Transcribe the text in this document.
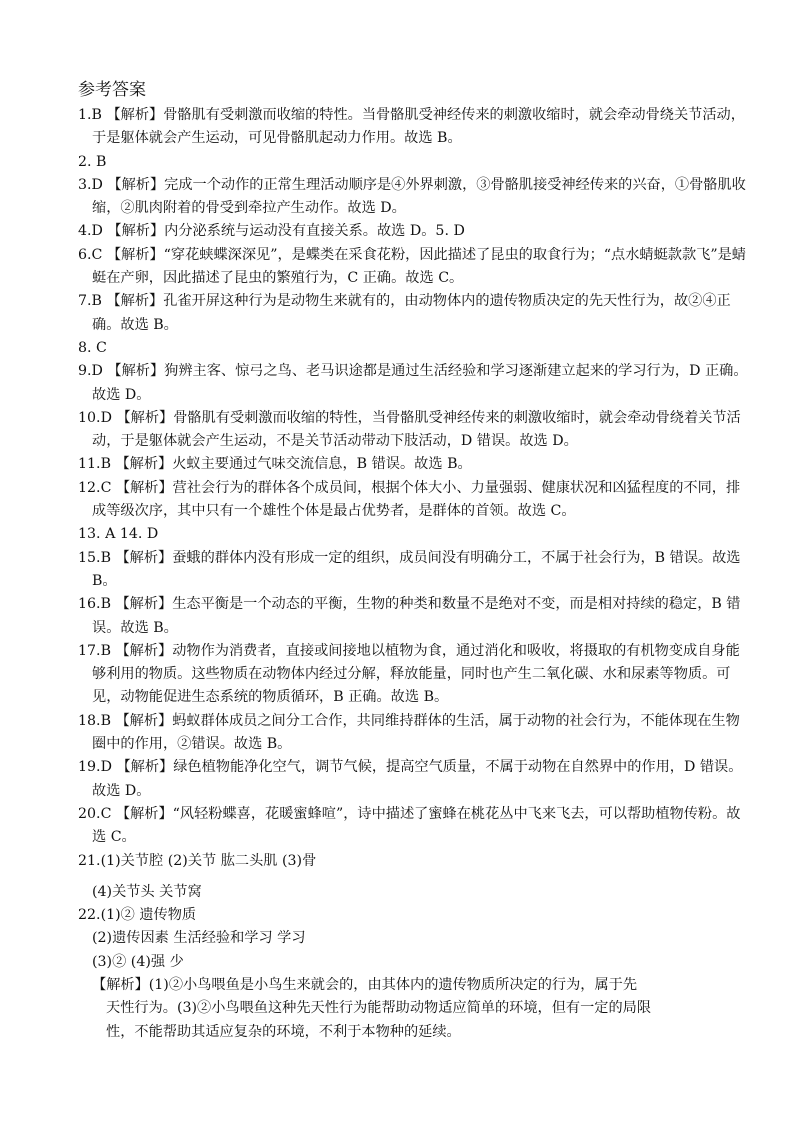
参考答案

1.B 【解析】骨骼肌有受刺激而收缩的特性。当骨骼肌受神经传来的刺激收缩时，就会牵动骨绕关节活动，于是躯体就会产生运动，可见骨骼肌起动力作用。故选 B。

2. B

3.D 【解析】完成一个动作的正常生理活动顺序是④外界刺激，③骨骼肌接受神经传来的兴奋，①骨骼肌收缩，②肌肉附着的骨受到牵拉产生动作。故选 D。

4.D 【解析】内分泌系统与运动没有直接关系。故选 D。5. D

6.C 【解析】“穿花蛱蝶深深见”，是蝶类在采食花粉，因此描述了昆虫的取食行为；“点水蜻蜓款款飞”是蜻蜓在产卵，因此描述了昆虫的繁殖行为，C 正确。故选 C。

7.B 【解析】孔雀开屏这种行为是动物生来就有的，由动物体内的遗传物质决定的先天性行为，故②④正确。故选 B。

8. C

9.D 【解析】狗辨主客、惊弓之鸟、老马识途都是通过生活经验和学习逐渐建立起来的学习行为，D 正确。故选 D。

10.D 【解析】骨骼肌有受刺激而收缩的特性，当骨骼肌受神经传来的刺激收缩时，就会牵动骨绕着关节活动，于是躯体就会产生运动，不是关节活动带动下肢活动，D 错误。故选 D。

11.B 【解析】火蚁主要通过气味交流信息，B 错误。故选 B。

12.C 【解析】营社会行为的群体各个成员间，根据个体大小、力量强弱、健康状况和凶猛程度的不同，排成等级次序，其中只有一个雄性个体是最占优势者，是群体的首领。故选 C。

13. A 14. D

15.B 【解析】蚕蛾的群体内没有形成一定的组织，成员间没有明确分工，不属于社会行为，B 错误。故选 B。

16.B 【解析】生态平衡是一个动态的平衡，生物的种类和数量不是绝对不变，而是相对持续的稳定，B 错误。故选 B。

17.B 【解析】动物作为消费者，直接或间接地以植物为食，通过消化和吸收，将摄取的有机物变成自身能够利用的物质。这些物质在动物体内经过分解，释放能量，同时也产生二氧化碳、水和尿素等物质。可见，动物能促进生态系统的物质循环，B 正确。故选 B。

18.B 【解析】蚂蚁群体成员之间分工合作，共同维持群体的生活，属于动物的社会行为，不能体现在生物圈中的作用，②错误。故选 B。

19.D 【解析】绿色植物能净化空气，调节气候，提高空气质量，不属于动物在自然界中的作用，D 错误。故选 D。

20.C 【解析】“风轻粉蝶喜，花暖蜜蜂喧”，诗中描述了蜜蜂在桃花丛中飞来飞去，可以帮助植物传粉。故选 C。

21.(1)关节腔 (2)关节 肱二头肌 (3)骨

(4)关节头 关节窝

22.(1)② 遗传物质

(2)遗传因素 生活经验和学习 学习

(3)② (4)强 少

【解析】(1)②小鸟喂鱼是小鸟生来就会的，由其体内的遗传物质所决定的行为，属于先
天性行为。(3)②小鸟喂鱼这种先天性行为能帮助动物适应简单的环境，但有一定的局限
性，不能帮助其适应复杂的环境，不利于本物种的延续。
